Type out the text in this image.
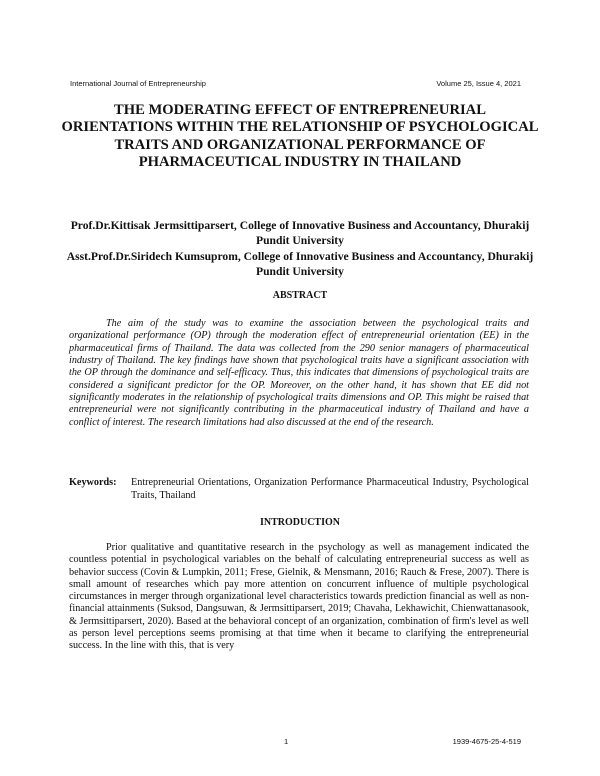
International Journal of Entrepreneurship	Volume 25, Issue 4, 2021
THE MODERATING EFFECT OF ENTREPRENEURIAL ORIENTATIONS WITHIN THE RELATIONSHIP OF PSYCHOLOGICAL TRAITS AND ORGANIZATIONAL PERFORMANCE OF PHARMACEUTICAL INDUSTRY IN THAILAND
Prof.Dr.Kittisak Jermsittiparsert, College of Innovative Business and Accountancy, Dhurakij Pundit University
Asst.Prof.Dr.Siridech Kumsuprom, College of Innovative Business and Accountancy, Dhurakij Pundit University
ABSTRACT

The aim of the study was to examine the association between the psychological traits and organizational performance (OP) through the moderation effect of entrepreneurial orientation (EE) in the pharmaceutical firms of Thailand. The data was collected from the 290 senior managers of pharmaceutical industry of Thailand. The key findings have shown that psychological traits have a significant association with the OP through the dominance and self-efficacy. Thus, this indicates that dimensions of psychological traits are considered a significant predictor for the OP. Moreover, on the other hand, it has shown that EE did not significantly moderates in the relationship of psychological traits dimensions and OP. This might be raised that entrepreneurial were not significantly contributing in the pharmaceutical industry of Thailand and have a conflict of interest. The research limitations had also discussed at the end of the research.

Keywords: Entrepreneurial Orientations, Organization Performance Pharmaceutical Industry, Psychological Traits, Thailand
INTRODUCTION

Prior qualitative and quantitative research in the psychology as well as management indicated the countless potential in psychological variables on the behalf of calculating entrepreneurial success as well as behavior success (Covin & Lumpkin, 2011; Frese, Gielnik, & Mensmann, 2016; Rauch & Frese, 2007). There is small amount of researches which pay more attention on concurrent influence of multiple psychological circumstances in merger through organizational level characteristics towards prediction financial as well as non-financial attainments (Suksod, Dangsuwan, & Jermsittiparsert, 2019; Chavaha, Lekhawichit, Chienwattanasook, & Jermsittiparsert, 2020). Based at the behavioral concept of an organization, combination of firm's level as well as person level perceptions seems promising at that time when it became to clarifying the entrepreneurial success. In the line with this, that is very

1	1939-4675-25-4-519
